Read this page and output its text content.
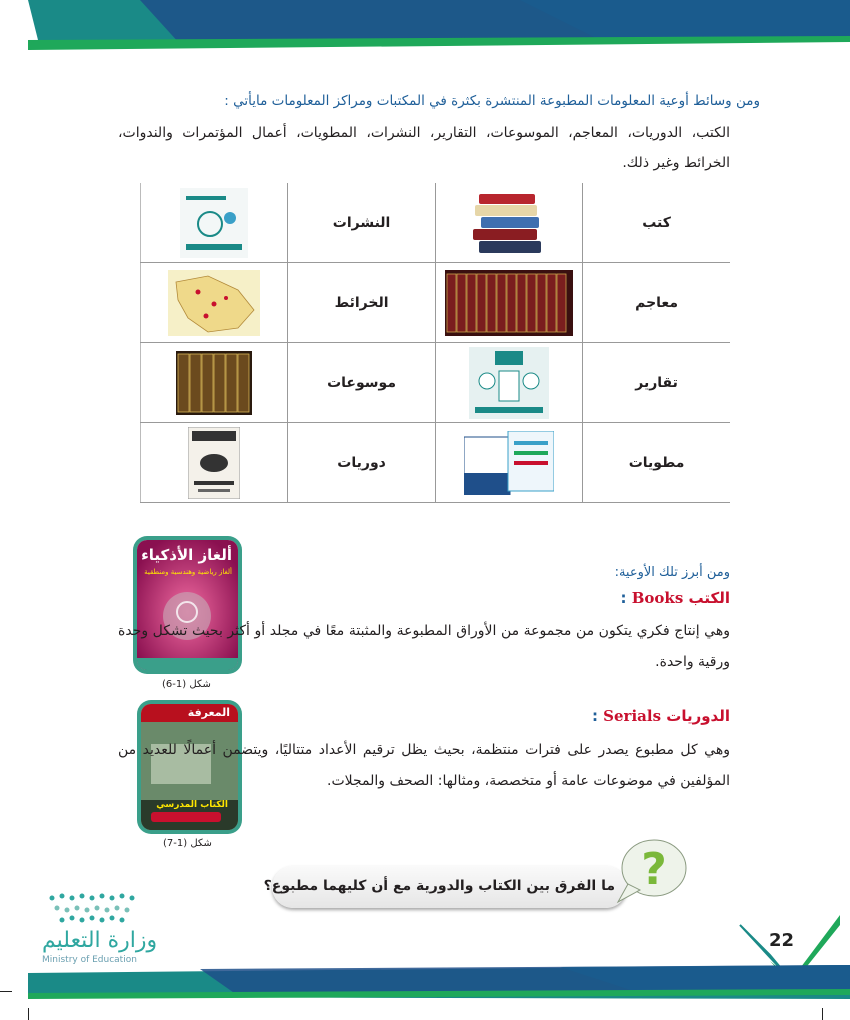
ومن وسائط أوعية المعلومات المطبوعة المنتشرة بكثرة في المكتبات ومراكز المعلومات مايأتي :
الكتب، الدوريات، المعاجم، الموسوعات، التقارير، النشرات، المطويات، أعمال المؤتمرات والندوات، الخرائط وغير ذلك.
كتب		النشرات	
معاجم		الخرائط	
تقارير		موسوعات	
مطويات		دوريات	
ألغاز الأذكياء
ألغاز رياضية وهندسية ومنطقية
شكل (1-6)
المعرفة
الكتاب المدرسي
شكل (1-7)
ومن أبرز تلك الأوعية:
الكتب Books :
وهي إنتاج فكري يتكون من مجموعة من الأوراق المطبوعة والمثبتة معًا في مجلد أو أكثر بحيث تشكل وحدة ورقية واحدة.
الدوريات Serials :
وهي كل مطبوع يصدر على فترات منتظمة، بحيث يظل ترقيم الأعداد متتاليًا، ويتضمن أعمالًا للعديد من المؤلفين في موضوعات عامة أو متخصصة، ومثالها: الصحف والمجلات.
ما الفرق بين الكتاب والدورية مع أن كليهما مطبوع؟ ?
وزارة التعليم
Ministry of Education
22
